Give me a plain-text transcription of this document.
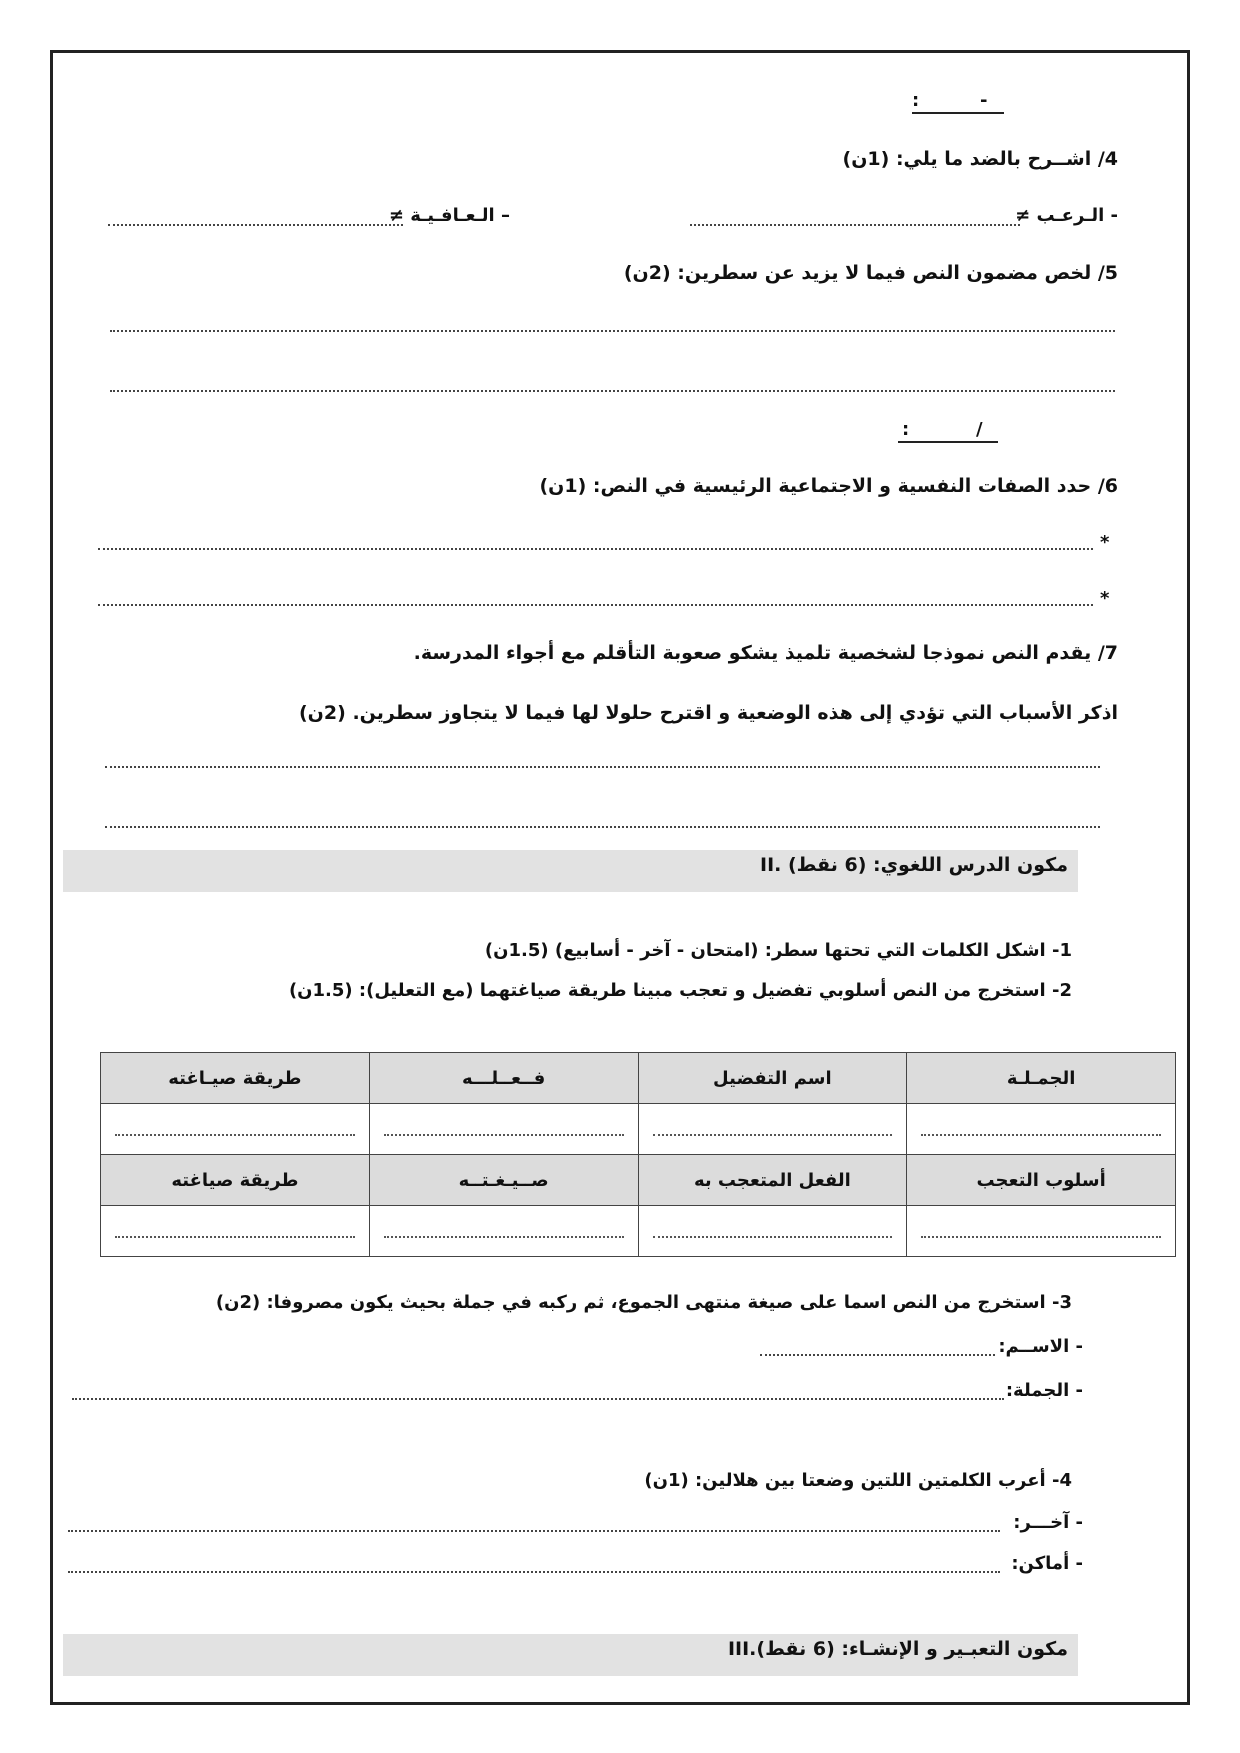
:	-
4/ اشــرح بالضد ما يلي: (1ن)
- الـرعـب ≠
– الـعـافـيـة ≠
5/ لخص مضمون النص فيما لا يزيد عن سطرين: (2ن)
:	/
6/ حدد الصفات النفسية و الاجتماعية الرئيسية في النص: (1ن)
*
*
7/ يقدم النص نموذجا لشخصية تلميذ يشكو صعوبة التأقلم مع أجواء المدرسة.
اذكر الأسباب التي تؤدي إلى هذه الوضعية و اقترح حلولا لها فيما لا يتجاوز سطرين. (2ن)
II. مكون الدرس اللغوي: (6 نقط)
1- اشكل الكلمات التي تحتها سطر: (امتحان - آخر - أسابيع) (1.5ن)
2- استخرج من النص أسلوبي تفضيل و تعجب مبينا طريقة صياغتهما (مع التعليل): (1.5ن)
الجمـلـة	اسم التفضيل	فــعــلـــه	طريقة صيـاغته

أسلوب التعجب	الفعل المتعجب به	صــيـغـتــه	طريقة صياغته

3- استخرج من النص اسما على صيغة منتهى الجموع، ثم ركبه في جملة بحيث يكون مصروفا: (2ن)
- الاســم:
- الجملة:
4- أعرب الكلمتين اللتين وضعتا بين هلالين: (1ن)
- آخـــر:
- أماكن:
III.مكون التعبـير و الإنشـاء: (6 نقط)
